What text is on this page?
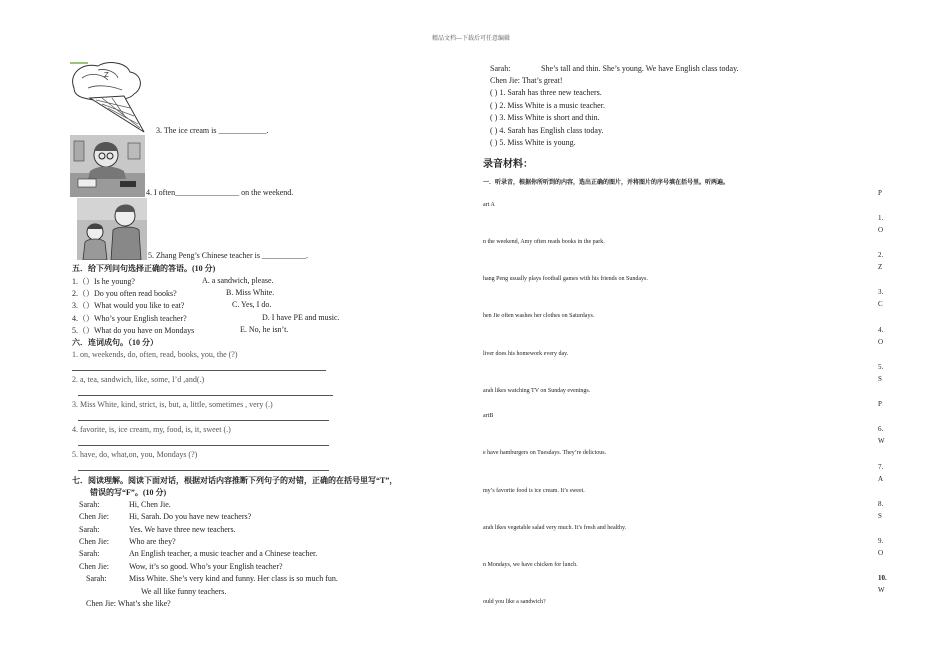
精品文档---下载后可任意编辑
Z
3. The ice cream is ____________.
4. I often________________ on the weekend.
5. Zhang Peng’s Chinese teacher is ___________.
五．给下列问句选择正确的答语。(10 分)
1.（）Is he young?	A. a sandwich, please.
2.（）Do you often read books?	B. Miss White.
3.（）What would you like to eat?	C. Yes, I do.
4.（）Who’s your English teacher?	D. I have PE and music.
5.（）What do you have on Mondays	E. No, he isn’t.
六．连词成句。（10 分）
1. on, weekends, do, often, read, books, you, the (?)
2. a, tea, sandwich, like, some, I’d ,and(.)
3. Miss White, kind, strict, is, but, a, little, sometimes , very (.)
4. favorite, is, ice cream, my, food, is, it, sweet (.)
5. have, do, what,on, you, Mondays (?)
七．阅读理解。阅读下面对话，根据对话内容推断下列句子的对错，正确的在括号里写“T”，
错误的写“F”。(10 分)
Sarah:	Hi, Chen Jie.
Chen Jie:	Hi, Sarah. Do you have new teachers?
Sarah:	Yes. We have three new teachers.
Chen Jie:	Who are they?
Sarah:	An English teacher, a music teacher and a Chinese teacher.
Chen Jie:	Wow, it’s so good. Who’s your English teacher?
Sarah:	Miss White. She’s very kind and funny. Her class is so much fun.
We all like funny teachers.
Chen Jie: What’s she like?
Sarah:	She’s tall and thin. She’s young. We have English class today.
Chen Jie: That’s great!
( ) 1. Sarah has three new teachers.
( ) 2. Miss White is a music teacher.
( ) 3. Miss White is short and thin.
( ) 4. Sarah has English class today.
( ) 5. Miss White is young.
录音材料：
一．听录音，根据你所听到的内容，选出正确的图片，并将图片的序号填在括号里。听两遍。
art A
P
n the weekend, Amy often reads books in the park.
1.
O
hang Peng usually plays football games with his friends on Sundays.
2.
Z
hen Jie often washes her clothes on Saturdays.
3.
C
liver does his homework every day.
4.
O
arah likes watching TV on Sunday evenings.
5.
S
artB
P
e have hamburgers on Tuesdays. They’re delicious.
6.
W
my’s favorite food is ice cream. It’s sweet.
7.
A
arah likes vegetable salad very much. It’s fresh and healthy.
8.
S
n Mondays, we have chicken for lunch.
9.
O
ould you like a sandwich?
10.
W
